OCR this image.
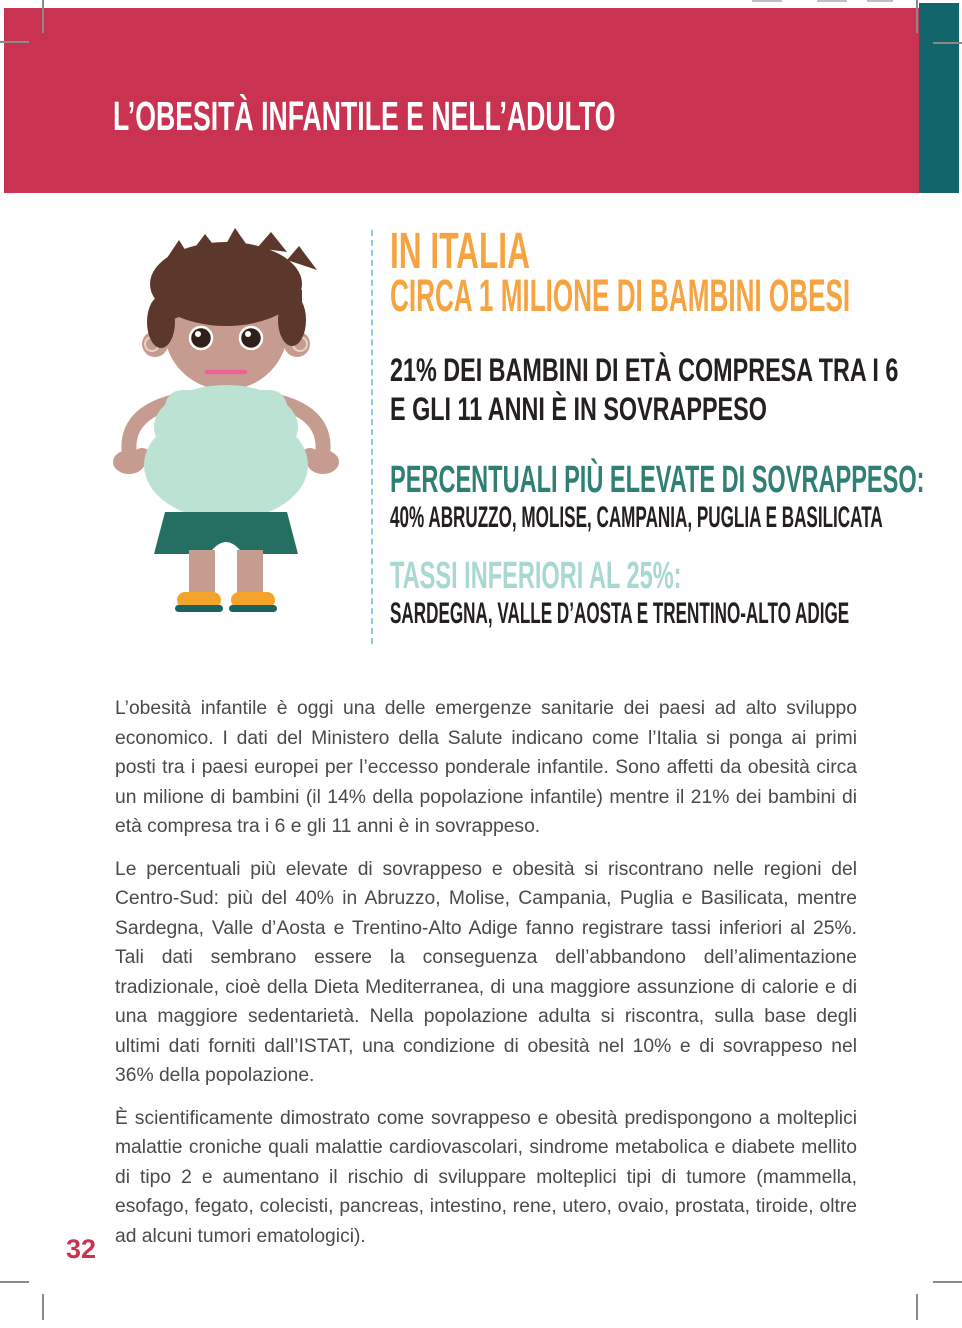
L’OBESITÀ INFANTILE E NELL’ADULTO
IN ITALIA
CIRCA 1 MILIONE DI BAMBINI OBESI
21% DEI BAMBINI DI ETÀ COMPRESA TRA I 6 E GLI 11 ANNI È IN SOVRAPPESO
PERCENTUALI PIÙ ELEVATE DI SOVRAPPESO:
40% ABRUZZO, MOLISE, CAMPANIA, PUGLIA E BASILICATA
TASSI INFERIORI AL 25%:
SARDEGNA, VALLE D’AOSTA E TRENTINO-ALTO ADIGE

L’obesità infantile è oggi una delle emergenze sanitarie dei paesi ad alto sviluppo economico. I dati del Ministero della Salute indicano come l’Italia si ponga ai primi posti tra i paesi europei per l’eccesso ponderale infantile. Sono affetti da obesità circa un milione di bambini (il 14% della popolazione infantile) mentre il 21% dei bambini di età compresa tra i 6 e gli 11 anni è in sovrappeso.

Le percentuali più elevate di sovrappeso e obesità si riscontrano nelle regioni del Centro-Sud: più del 40% in Abruzzo, Molise, Campania, Puglia e Basilicata, mentre Sardegna, Valle d’Aosta e Trentino-Alto Adige fanno registrare tassi inferiori al 25%. Tali dati sembrano essere la conseguenza dell’abbandono dell’alimentazione tradizionale, cioè della Dieta Mediterranea, di una maggiore assunzione di calorie e di una maggiore sedentarietà. Nella popolazione adulta si riscontra, sulla base degli ultimi dati forniti dall’ISTAT, una condizione di obesità nel 10% e di sovrappeso nel 36% della popolazione.

È scientificamente dimostrato come sovrappeso e obesità predispongono a molteplici malattie croniche quali malattie cardiovascolari, sindrome metabolica e diabete mellito di tipo 2 e aumentano il rischio di sviluppare molteplici tipi di tumore (mammella, esofago, fegato, colecisti, pancreas, intestino, rene, utero, ovaio, prostata, tiroide, oltre ad alcuni tumori ematologici).

32
